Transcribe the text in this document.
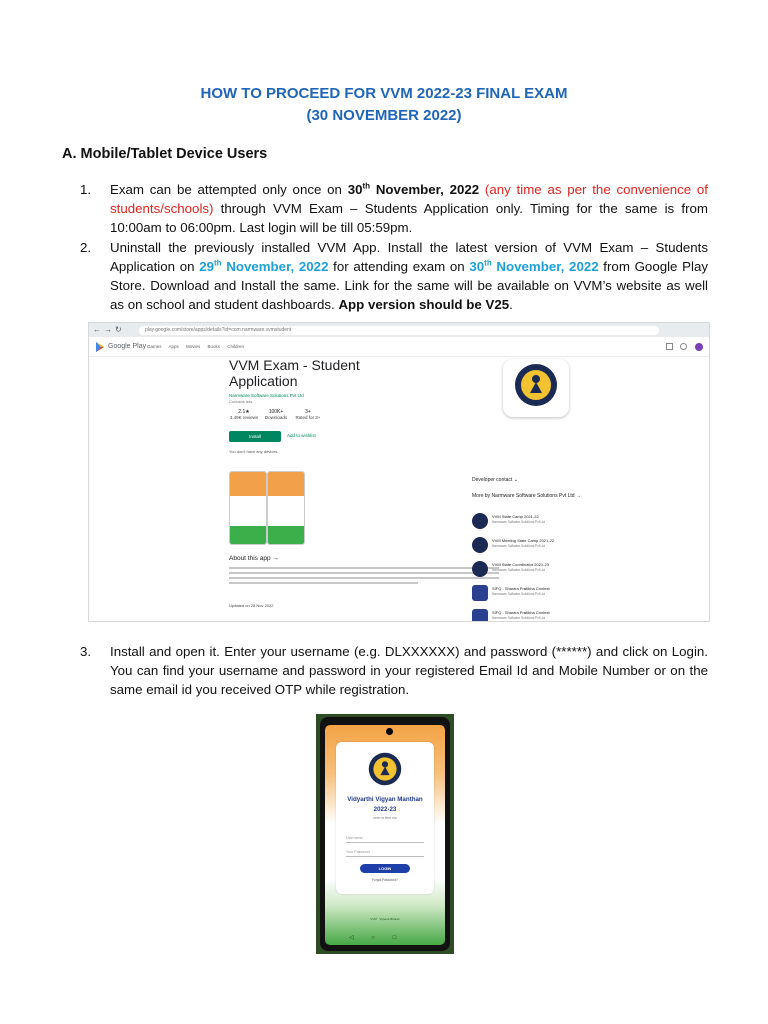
HOW TO PROCEED FOR VVM 2022-23 FINAL EXAM
(30 NOVEMBER 2022)
A. Mobile/Tablet Device Users
1.	Exam can be attempted only once on 30th November, 2022 (any time as per the convenience of students/schools) through VVM Exam – Students Application only. Timing for the same is from 10:00am to 06:00pm. Last login will be till 05:59pm.
2.	Uninstall the previously installed VVM App. Install the latest version of VVM Exam – Students Application on 29th November, 2022 for attending exam on 30th November, 2022 from Google Play Store. Download and Install the same. Link for the same will be available on VVM’s website as well as on school and student dashboards. App version should be V25.
←→↻	play.google.com/store/apps/details?id=com.narmware.vvmstudent
Google Play Games Apps Movies Books Children
VVM Exam - Student Application
Narmware Software Solutions Pvt Ltd
Contains ads
2.1★
3.49K reviews
100K+
Downloads
3+
Rated for 3+
Install	Add to wishlist
You don't have any devices
About this app →
Updated on 28 Nov 2022
Developer contact ⌄
More by Narmware Software Solutions Pvt Ltd →
VVM State Camp 2021-22
Narmware Software Solutions Pvt Ltd
VVM Meeting State Camp 2021-22
Narmware Software Solutions Pvt Ltd
VVM State Coordinator 2021-23
Narmware Software Solutions Pvt Ltd
SIFQ - Shastra Pratibha Contest
Narmware Software Solutions Pvt Ltd
SIFQ - Shastra Pratibha Contest
Narmware Software Solutions Pvt Ltd
3.	Install and open it. Enter your username (e.g. DLXXXXXX) and password (******) and click on Login. You can find your username and password in your registered Email Id and Mobile Number or on the same email id you received OTP while registration.
Vidyarthi Vigyan Manthan
2022-23
नवाचार का विज्ञान मंथन
Username
Your Password
LOGIN
Forgot Password?
VVM · Vijnana Bharati
◁ ○ □
